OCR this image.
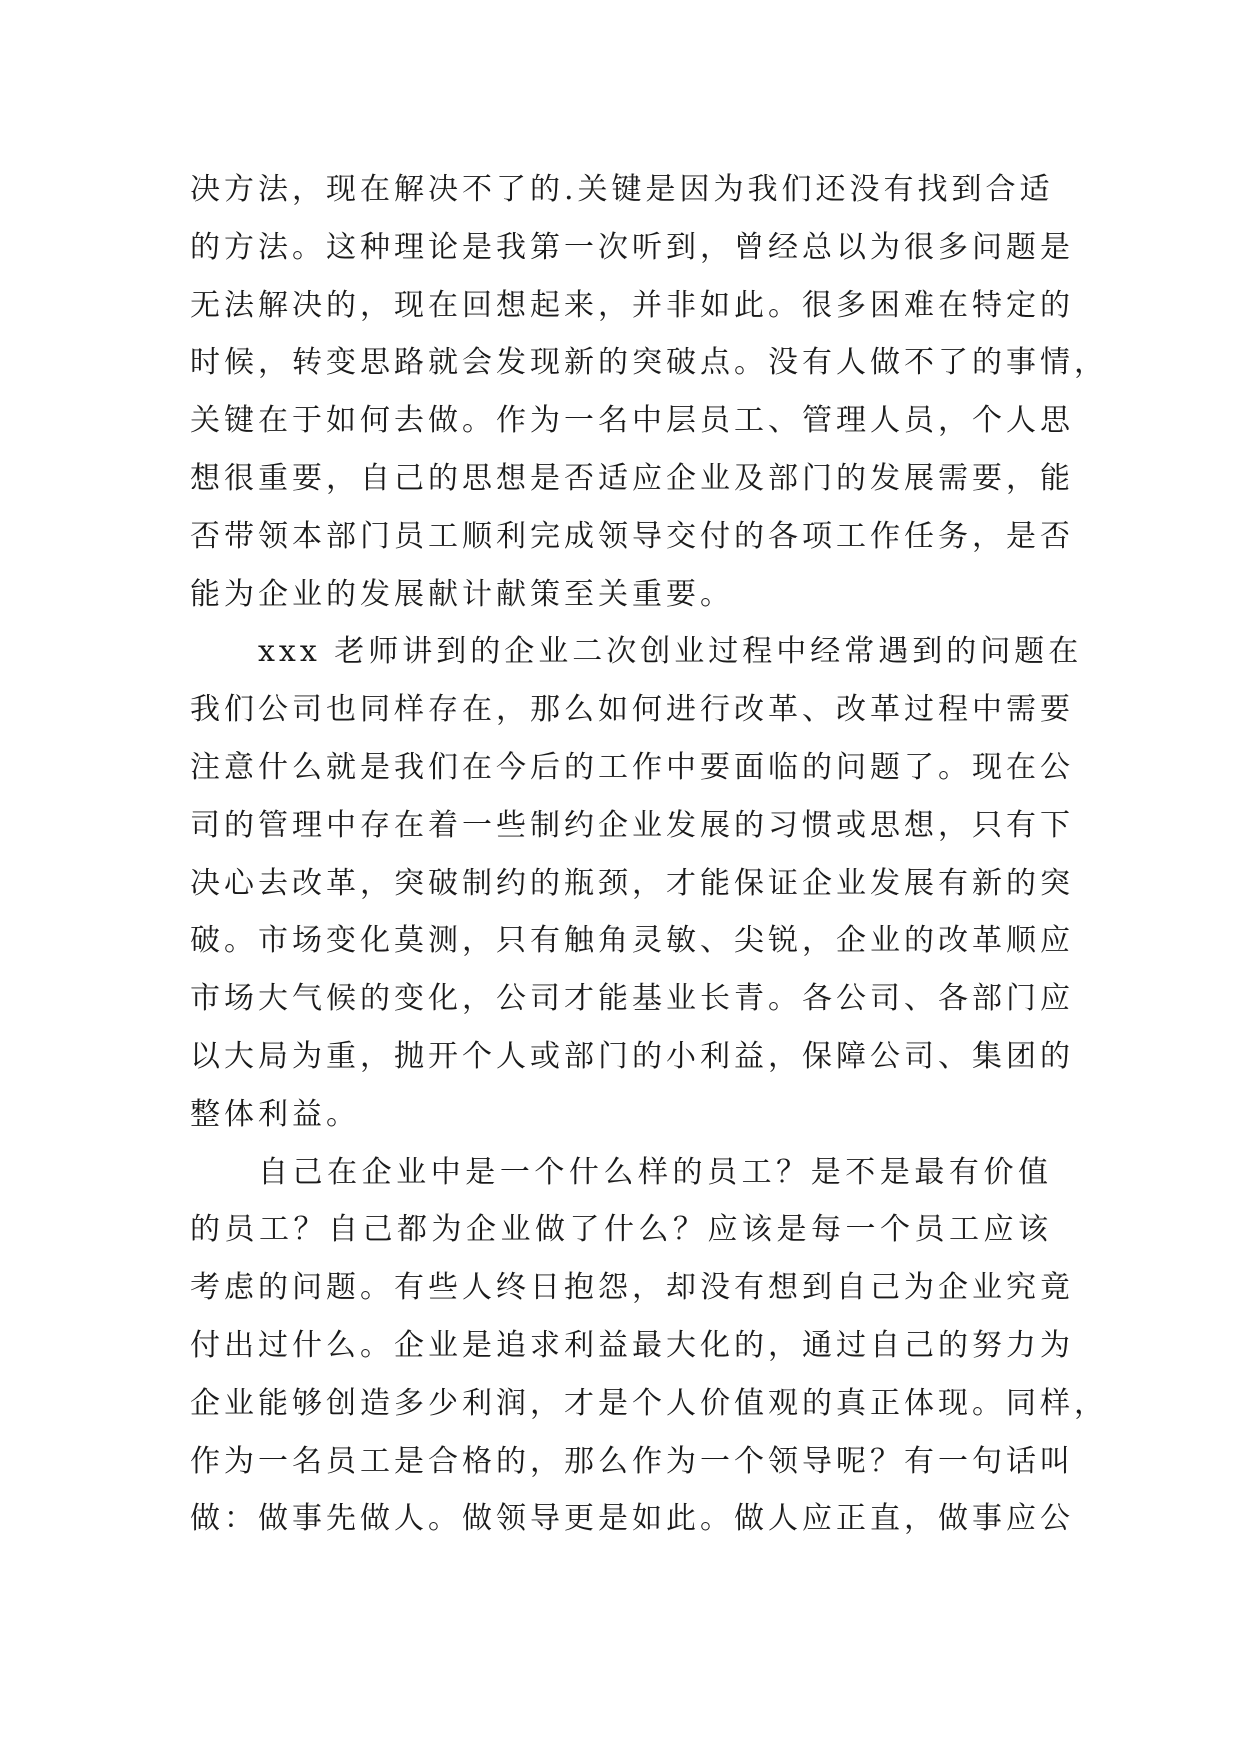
决方法，现在解决不了的.关键是因为我们还没有找到合适
的方法。这种理论是我第一次听到，曾经总以为很多问题是
无法解决的，现在回想起来，并非如此。很多困难在特定的
时候，转变思路就会发现新的突破点。没有人做不了的事情，
关键在于如何去做。作为一名中层员工、管理人员，个人思
想很重要，自己的思想是否适应企业及部门的发展需要，能
否带领本部门员工顺利完成领导交付的各项工作任务，是否
能为企业的发展献计献策至关重要。
xxx 老师讲到的企业二次创业过程中经常遇到的问题在
我们公司也同样存在，那么如何进行改革、改革过程中需要
注意什么就是我们在今后的工作中要面临的问题了。现在公
司的管理中存在着一些制约企业发展的习惯或思想，只有下
决心去改革，突破制约的瓶颈，才能保证企业发展有新的突
破。市场变化莫测，只有触角灵敏、尖锐，企业的改革顺应
市场大气候的变化，公司才能基业长青。各公司、各部门应
以大局为重，抛开个人或部门的小利益，保障公司、集团的
整体利益。
自己在企业中是一个什么样的员工？是不是最有价值
的员工？自己都为企业做了什么？应该是每一个员工应该
考虑的问题。有些人终日抱怨，却没有想到自己为企业究竟
付出过什么。企业是追求利益最大化的，通过自己的努力为
企业能够创造多少利润，才是个人价值观的真正体现。同样，
作为一名员工是合格的，那么作为一个领导呢？有一句话叫
做：做事先做人。做领导更是如此。做人应正直，做事应公
